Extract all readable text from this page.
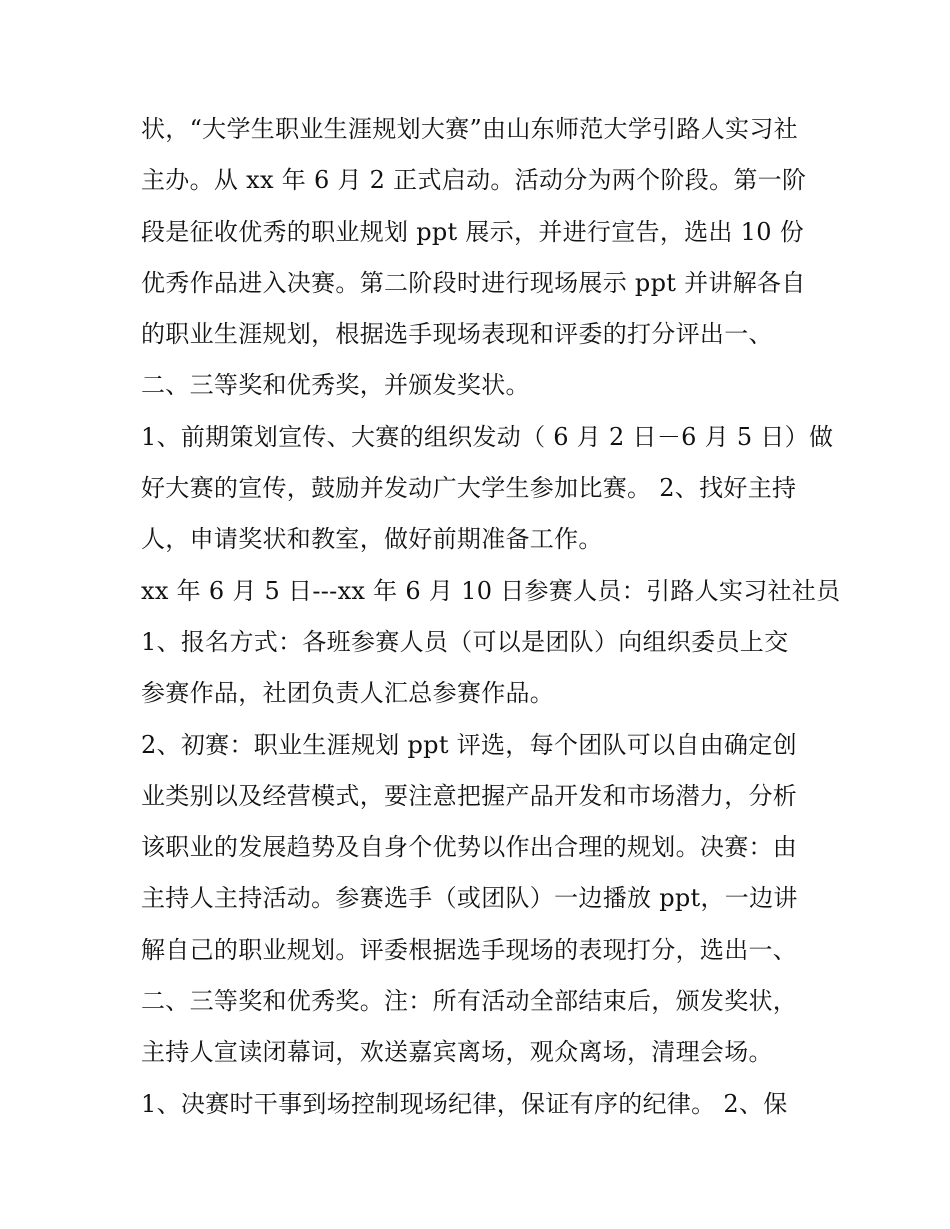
状，“大学生职业生涯规划大赛”由山东师范大学引路人实习社
主办。从 xx 年 6 月 2 正式启动。活动分为两个阶段。第一阶
段是征收优秀的职业规划 ppt 展示，并进行宣告，选出 10 份
优秀作品进入决赛。第二阶段时进行现场展示 ppt 并讲解各自
的职业生涯规划，根据选手现场表现和评委的打分评出一、
二、三等奖和优秀奖，并颁发奖状。
1、前期策划宣传、大赛的组织发动（ 6 月 2 日－6 月 5 日）做
好大赛的宣传，鼓励并发动广大学生参加比赛。 2、找好主持
人，申请奖状和教室，做好前期准备工作。
xx 年 6 月 5 日---xx 年 6 月 10 日参赛人员：引路人实习社社员
1、报名方式：各班参赛人员（可以是团队）向组织委员上交
参赛作品，社团负责人汇总参赛作品。
2、初赛：职业生涯规划 ppt 评选，每个团队可以自由确定创
业类别以及经营模式，要注意把握产品开发和市场潜力，分析
该职业的发展趋势及自身个优势以作出合理的规划。决赛：由
主持人主持活动。参赛选手（或团队）一边播放 ppt，一边讲
解自己的职业规划。评委根据选手现场的表现打分，选出一、
二、三等奖和优秀奖。注：所有活动全部结束后，颁发奖状，
主持人宣读闭幕词，欢送嘉宾离场，观众离场，清理会场。
1、决赛时干事到场控制现场纪律，保证有序的纪律。 2、保
